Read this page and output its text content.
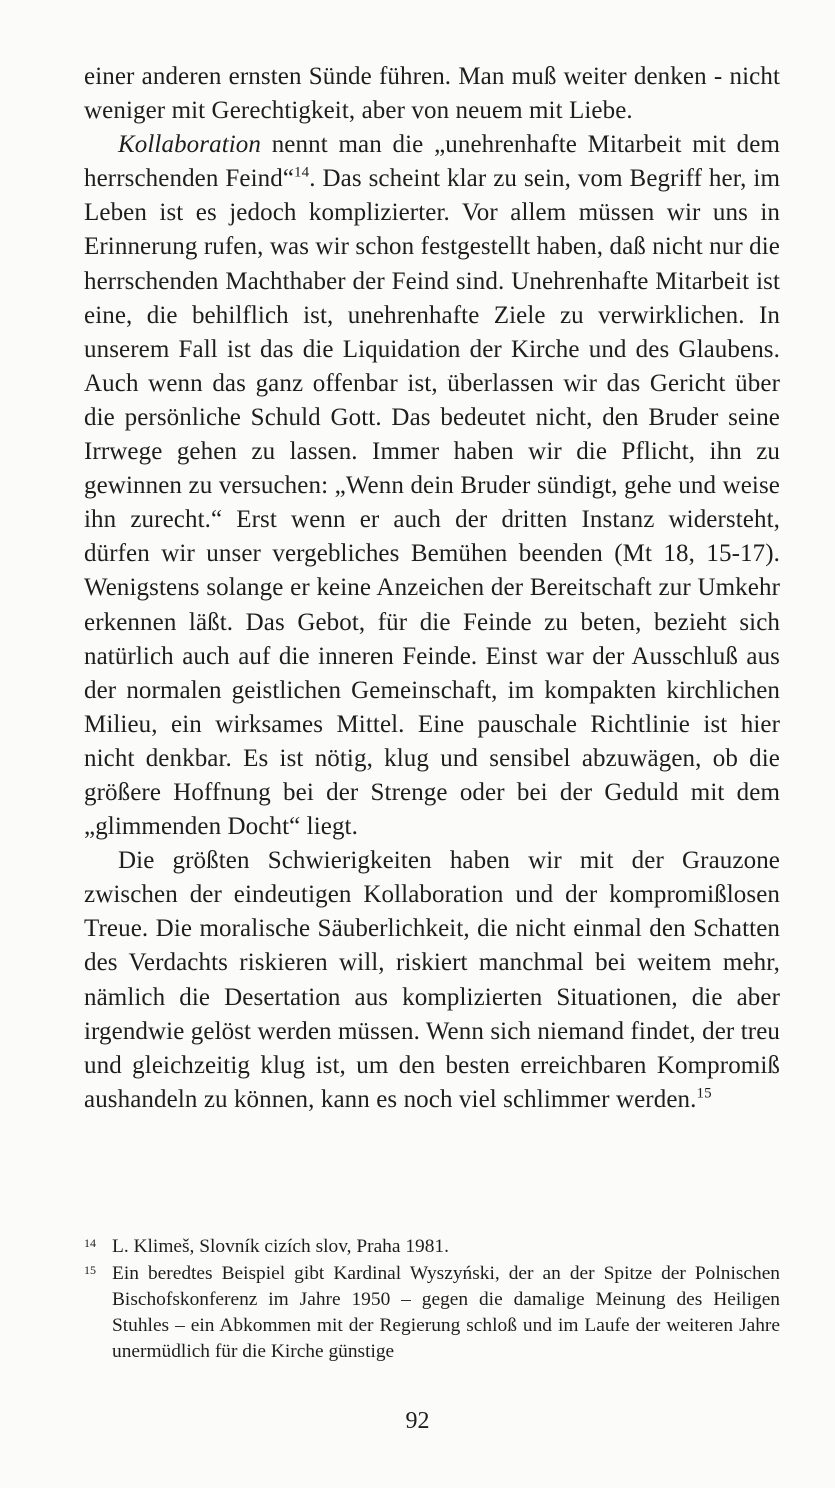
einer anderen ernsten Sünde führen. Man muß weiter denken - nicht weniger mit Gerechtigkeit, aber von neuem mit Liebe.

Kollaboration nennt man die „unehrenhafte Mitarbeit mit dem herrschenden Feind“$^{14}$. Das scheint klar zu sein, vom Begriff her, im Leben ist es jedoch komplizierter. Vor allem müssen wir uns in Erinnerung rufen, was wir schon festgestellt haben, daß nicht nur die herrschenden Machthaber der Feind sind. Unehrenhafte Mitarbeit ist eine, die behilflich ist, unehrenhafte Ziele zu verwirklichen. In unserem Fall ist das die Liquidation der Kirche und des Glaubens. Auch wenn das ganz offenbar ist, überlassen wir das Gericht über die persönliche Schuld Gott. Das bedeutet nicht, den Bruder seine Irrwege gehen zu lassen. Immer haben wir die Pflicht, ihn zu gewinnen zu versuchen: „Wenn dein Bruder sündigt, gehe und weise ihn zurecht.“ Erst wenn er auch der dritten Instanz widersteht, dürfen wir unser vergebliches Bemühen beenden (Mt 18, 15-17). Wenigstens solange er keine Anzeichen der Bereitschaft zur Umkehr erkennen läßt. Das Gebot, für die Feinde zu beten, bezieht sich natürlich auch auf die inneren Feinde. Einst war der Ausschluß aus der normalen geistlichen Gemeinschaft, im kompakten kirchlichen Milieu, ein wirksames Mittel. Eine pauschale Richtlinie ist hier nicht denkbar. Es ist nötig, klug und sensibel abzuwägen, ob die größere Hoffnung bei der Strenge oder bei der Geduld mit dem „glimmenden Docht“ liegt.

Die größten Schwierigkeiten haben wir mit der Grauzone zwischen der eindeutigen Kollaboration und der kompromißlosen Treue. Die moralische Säuberlichkeit, die nicht einmal den Schatten des Verdachts riskieren will, riskiert manchmal bei weitem mehr, nämlich die Desertation aus komplizierten Situationen, die aber irgendwie gelöst werden müssen. Wenn sich niemand findet, der treu und gleichzeitig klug ist, um den besten erreichbaren Kompromiß aushandeln zu können, kann es noch viel schlimmer werden.$^{15}$

14 L. Klimeš, Slovník cizích slov, Praha 1981.
15 Ein beredtes Beispiel gibt Kardinal Wyszyński, der an der Spitze der Polnischen Bischofskonferenz im Jahre 1950 – gegen die damalige Meinung des Heiligen Stuhles – ein Abkommen mit der Regierung schloß und im Laufe der weiteren Jahre unermüdlich für die Kirche günstige
92
